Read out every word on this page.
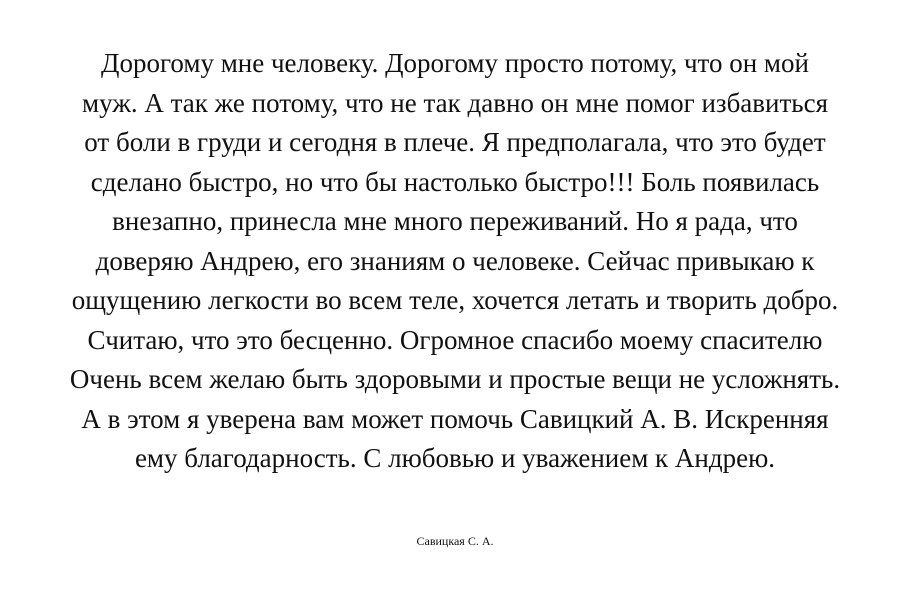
Дорогому мне человеку. Дорогому просто потому, что он мой
муж. А так же потому, что не так давно он мне помог избавиться
от боли в груди и сегодня в плече. Я предполагала, что это будет
сделано быстро, но что бы настолько быстро!!! Боль появилась
внезапно, принесла мне много переживаний. Но я рада, что
доверяю Андрею, его знаниям о человеке. Сейчас привыкаю к
ощущению легкости во всем теле, хочется летать и творить добро.
Считаю, что это бесценно. Огромное спасибо моему спасителю
Очень всем желаю быть здоровыми и простые вещи не усложнять.
А в этом я уверена вам может помочь Савицкий А. В. Искренняя
ему благодарность. С любовью и уважением к Андрею.
Савицкая С. А.
